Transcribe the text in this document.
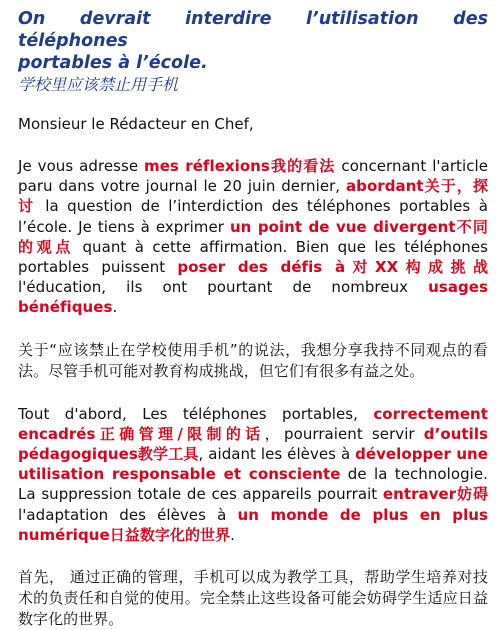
On devrait interdire l’utilisation des téléphones
portables à l’école.
学校里应该禁止用手机
Monsieur le Rédacteur en Chef,

Je vous adresse mes réflexions我的看法 concernant l'article paru dans votre journal le 20 juin dernier, abordant关于，探讨 la question de l’interdiction des téléphones portables à l’école. Je tiens à exprimer un point de vue divergent不同的观点 quant à cette affirmation. Bien que les téléphones portables puissent poser des défis à对XX构成挑战 l'éducation, ils ont pourtant de nombreux usages bénéfiques.

关于“应该禁止在学校使用手机”的说法，我想分享我持不同观点的看法。尽管手机可能对教育构成挑战，但它们有很多有益之处。

Tout d'abord, Les téléphones portables, correctement encadrés正确管理/限制的话，pourraient servir d’outils pédagogiques教学工具, aidant les élèves à développer une utilisation responsable et consciente de la technologie. La suppression totale de ces appareils pourrait entraver妨碍 l'adaptation des élèves à un monde de plus en plus numérique日益数字化的世界.

首先， 通过正确的管理，手机可以成为教学工具，帮助学生培养对技术的负责任和自觉的使用。完全禁止这些设备可能会妨碍学生适应日益数字化的世界。
